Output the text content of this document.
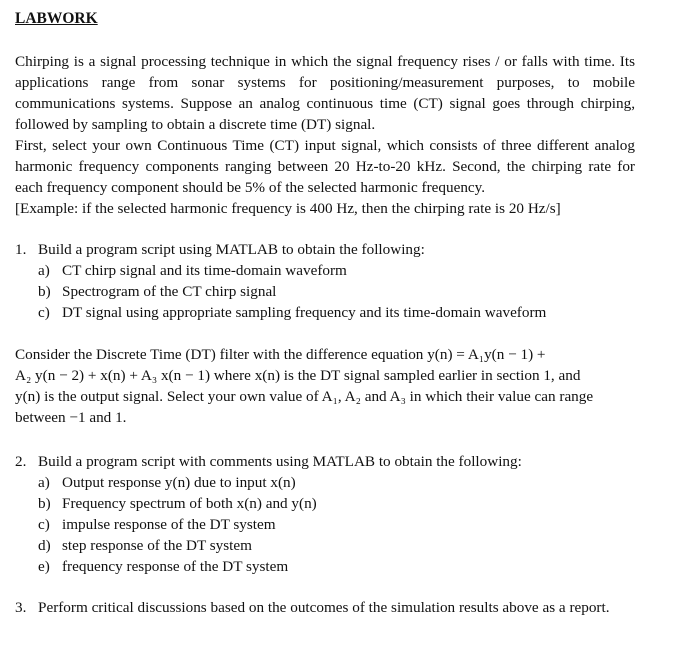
LABWORK

Chirping is a signal processing technique in which the signal frequency rises / or falls with time. Its applications range from sonar systems for positioning/measurement purposes, to mobile communications systems. Suppose an analog continuous time (CT) signal goes through chirping, followed by sampling to obtain a discrete time (DT) signal.

First, select your own Continuous Time (CT) input signal, which consists of three different analog harmonic frequency components ranging between 20 Hz-to-20 kHz. Second, the chirping rate for each frequency component should be 5% of the selected harmonic frequency.

[Example: if the selected harmonic frequency is 400 Hz, then the chirping rate is 20 Hz/s]

1. Build a program script using MATLAB to obtain the following:
a) CT chirp signal and its time-domain waveform
b) Spectrogram of the CT chirp signal
c) DT signal using appropriate sampling frequency and its time-domain waveform

Consider the Discrete Time (DT) filter with the difference equation y(n) = A₁y(n − 1) +

A₂ y(n − 2) + x(n) + A₃ x(n − 1) where x(n) is the DT signal sampled earlier in section 1, and

y(n) is the output signal. Select your own value of A₁, A₂ and A₃ in which their value can range

between −1 and 1.

2. Build a program script with comments using MATLAB to obtain the following:
a) Output response y(n) due to input x(n)
b) Frequency spectrum of both x(n) and y(n)
c) impulse response of the DT system
d) step response of the DT system
e) frequency response of the DT system
3. Perform critical discussions based on the outcomes of the simulation results above as a report.
